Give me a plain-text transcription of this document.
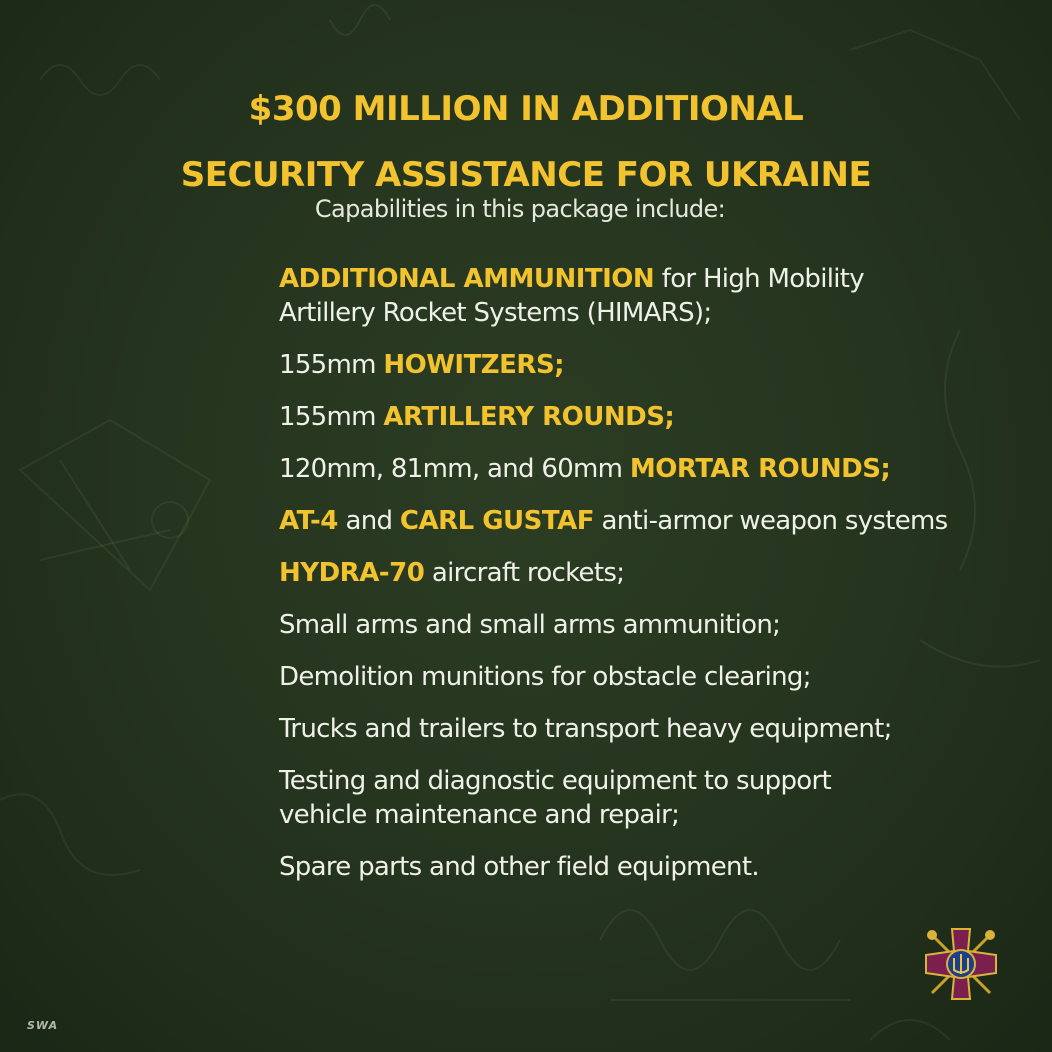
$300 MILLION IN ADDITIONAL
SECURITY ASSISTANCE FOR UKRAINE
Capabilities in this package include:
ADDITIONAL AMMUNITION for High Mobility
Artillery Rocket Systems (HIMARS);
155mm HOWITZERS;
155mm ARTILLERY ROUNDS;
120mm, 81mm, and 60mm MORTAR ROUNDS;
AT-4 and CARL GUSTAF anti-armor weapon systems
HYDRA-70 aircraft rockets;
Small arms and small arms ammunition;
Demolition munitions for obstacle clearing;
Trucks and trailers to transport heavy equipment;
Testing and diagnostic equipment to support
vehicle maintenance and repair;
Spare parts and other field equipment.
SWA
